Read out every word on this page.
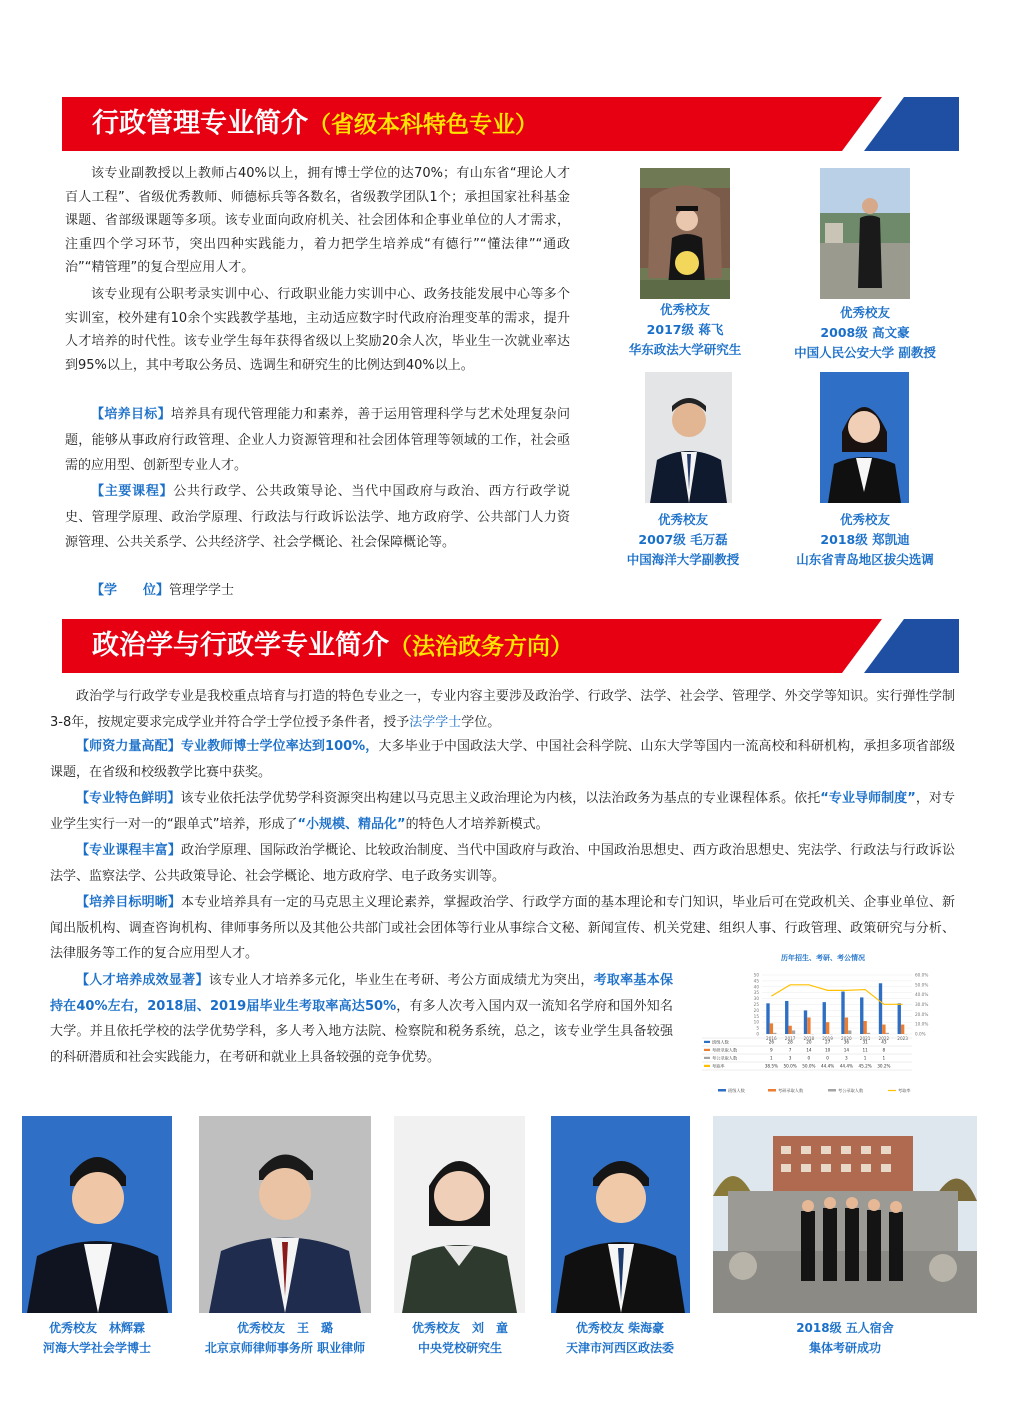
行政管理专业简介（省级本科特色专业）

该专业副教授以上教师占40%以上，拥有博士学位的达70%；有山东省“理论人才百人工程”、省级优秀教师、师德标兵等各数名，省级教学团队1个；承担国家社科基金课题、省部级课题等多项。该专业面向政府机关、社会团体和企事业单位的人才需求，注重四个学习环节，突出四种实践能力，着力把学生培养成“有德行”“懂法律”“通政治”“精管理”的复合型应用人才。

该专业现有公职考录实训中心、行政职业能力实训中心、政务技能发展中心等多个实训室，校外建有10余个实践教学基地，主动适应数字时代政府治理变革的需求，提升人才培养的时代性。该专业学生每年获得省级以上奖励20余人次，毕业生一次就业率达到95%以上，其中考取公务员、选调生和研究生的比例达到40%以上。

【培养目标】培养具有现代管理能力和素养，善于运用管理科学与艺术处理复杂问题，能够从事政府行政管理、企业人力资源管理和社会团体管理等领域的工作，社会亟需的应用型、创新型专业人才。

【主要课程】公共行政学、公共政策导论、当代中国政府与政治、西方行政学说史、管理学原理、政治学原理、行政法与行政诉讼法学、地方政府学、公共部门人力资源管理、公共关系学、公共经济学、社会学概论、社会保障概论等。

【学　　位】管理学学士

优秀校友
2017级 蒋飞
华东政法大学研究生
优秀校友
2008级 高文豪
中国人民公安大学 副教授
优秀校友
2007级 毛万磊
中国海洋大学副教授
优秀校友
2018级 郑凯迪
山东省青岛地区拔尖选调
政治学与行政学专业简介（法治政务方向）

政治学与行政学专业是我校重点培育与打造的特色专业之一，专业内容主要涉及政治学、行政学、法学、社会学、管理学、外交学等知识。实行弹性学制3-8年，按规定要求完成学业并符合学士学位授予条件者，授予法学学士学位。

【师资力量高配】专业教师博士学位率达到100%，大多毕业于中国政法大学、中国社会科学院、山东大学等国内一流高校和科研机构，承担多项省部级课题，在省级和校级教学比赛中获奖。

【专业特色鲜明】该专业依托法学优势学科资源突出构建以马克思主义政治理论为内核，以法治政务为基点的专业课程体系。依托“专业导师制度”，对专业学生实行一对一的“跟单式”培养，形成了“小规模、精品化”的特色人才培养新模式。

【专业课程丰富】政治学原理、国际政治学概论、比较政治制度、当代中国政府与政治、中国政治思想史、西方政治思想史、宪法学、行政法与行政诉讼法学、监察法学、公共政策导论、社会学概论、地方政府学、电子政务实训等。

【培养目标明晰】本专业培养具有一定的马克思主义理论素养，掌握政治学、行政学方面的基本理论和专门知识，毕业后可在党政机关、企事业单位、新闻出版机构、调查咨询机构、律师事务所以及其他公共部门或社会团体等行业从事综合文秘、新闻宣传、机关党建、组织人事、行政管理、政策研究与分析、法律服务等工作的复合应用型人才。

【人才培养成效显著】该专业人才培养多元化，毕业生在考研、考公方面成绩尤为突出，考取率基本保持在40%左右，2018届、2019届毕业生考取率高达50%，有多人次考入国内双一流知名学府和国外知名大学。并且依托学校的法学优势学科，多人考入地方法院、检察院和税务系统，总之，该专业学生具备较强的科研潜质和社会实践能力，在考研和就业上具备较强的竞争优势。

历年招生、考研、考公情况
50
45
40
35
30
25
20
15
10
5
0
60.0%
50.0%
40.0%
30.0%
20.0%
10.0%
0.0%
2016 2017 2018 2019 2020 2021 2022 2023
班级人数	26	28	20	27	36	31	43
考研录取人数	9	7	14	10	14	11	8
考公录取人数	1	3	0	0	3	1	1
考取率	38.5% 50.0% 50.0% 44.4% 44.4% 45.2% 30.2%
班级人数	考研录取人数	考公录取人数	考取率
优秀校友　林辉霖
河海大学社会学博士
优秀校友　王　璐
北京京师律师事务所 职业律师
优秀校友　刘　童
中央党校研究生
优秀校友 柴海豪
天津市河西区政法委
2018级 五人宿舍
集体考研成功
